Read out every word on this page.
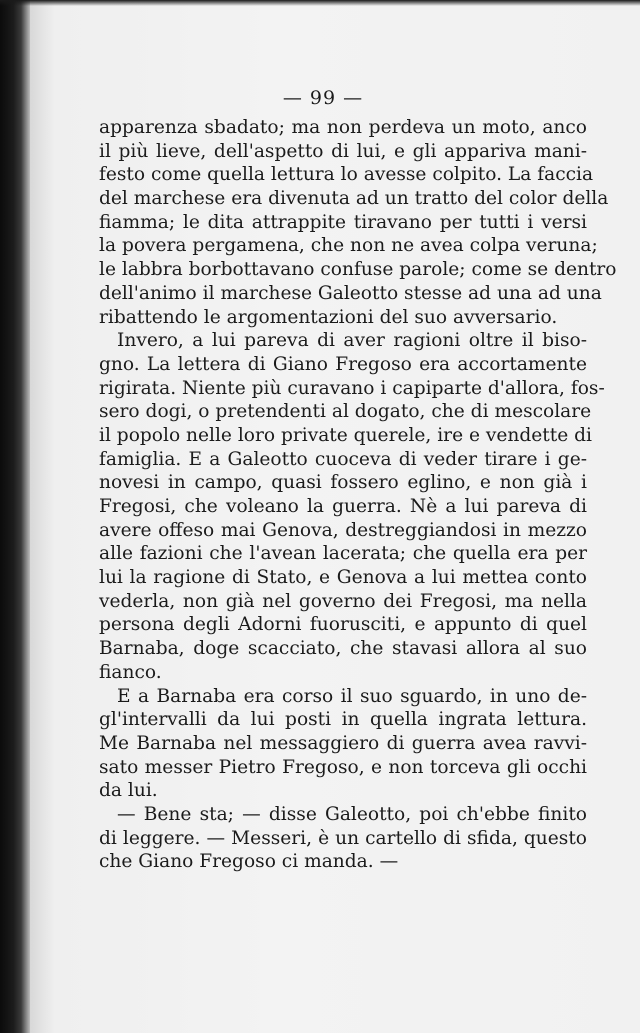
— 99 —
apparenza sbadato; ma non perdeva un moto, anco
il più lieve, dell'aspetto di lui, e gli appariva mani-
festo come quella lettura lo avesse colpito. La faccia
del marchese era divenuta ad un tratto del color della
fiamma; le dita attrappite tiravano per tutti i versi
la povera pergamena, che non ne avea colpa veruna;
le labbra borbottavano confuse parole; come se dentro
dell'animo il marchese Galeotto stesse ad una ad una
ribattendo le argomentazioni del suo avversario.
Invero, a lui pareva di aver ragioni oltre il biso-
gno. La lettera di Giano Fregoso era accortamente
rigirata. Niente più curavano i capiparte d'allora, fos-
sero dogi, o pretendenti al dogato, che di mescolare
il popolo nelle loro private querele, ire e vendette di
famiglia. E a Galeotto cuoceva di veder tirare i ge-
novesi in campo, quasi fossero eglino, e non già i
Fregosi, che voleano la guerra. Nè a lui pareva di
avere offeso mai Genova, destreggiandosi in mezzo
alle fazioni che l'avean lacerata; che quella era per
lui la ragione di Stato, e Genova a lui mettea conto
vederla, non già nel governo dei Fregosi, ma nella
persona degli Adorni fuorusciti, e appunto di quel
Barnaba, doge scacciato, che stavasi allora al suo
fianco.
E a Barnaba era corso il suo sguardo, in uno de-
gl'intervalli da lui posti in quella ingrata lettura.
Me Barnaba nel messaggiero di guerra avea ravvi-
sato messer Pietro Fregoso, e non torceva gli occhi
da lui.
— Bene sta; — disse Galeotto, poi ch'ebbe finito
di leggere. — Messeri, è un cartello di sfida, questo
che Giano Fregoso ci manda. —
